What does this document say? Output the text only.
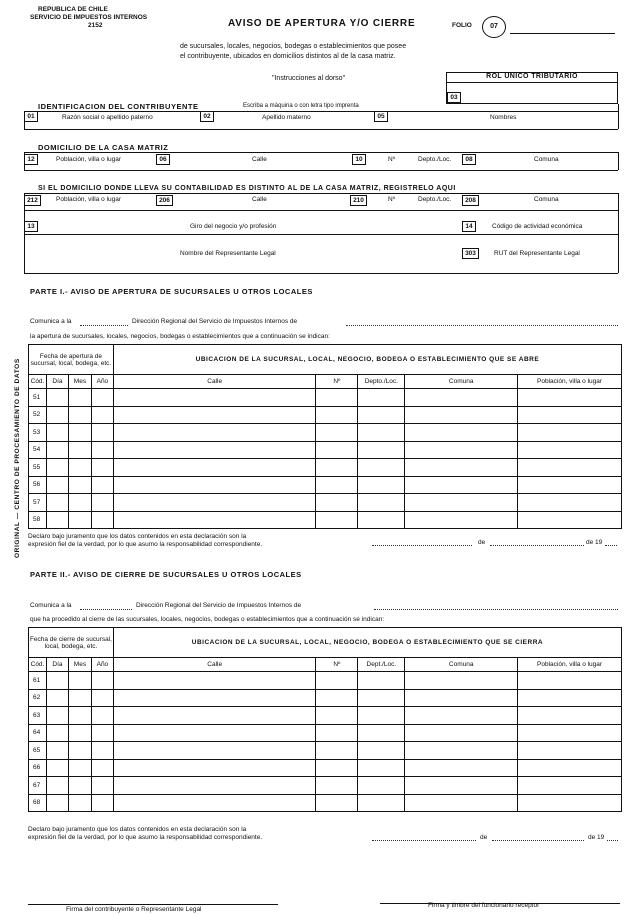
REPUBLICA DE CHILE
SERVICIO DE IMPUESTOS INTERNOS
2152	AVISO DE APERTURA Y/O CIERRE	FOLIO	07
de sucursales, locales, negocios, bodegas o establecimientos que posee
el contribuyente, ubicados en domicilios distintos al de la casa matriz.
"Instrucciones al dorso"	ROL UNICO TRIBUTARIO
03
IDENTIFICACION DEL CONTRIBUYENTE	Escriba a máquina o con letra tipo imprenta
01	Razón social o apellido paterno	02	Apellido materno	05	Nombres
DOMICILIO DE LA CASA MATRIZ
12	Población, villa o lugar	06	Calle	10	Nº	Depto./Loc.	08	Comuna
SI EL DOMICILIO DONDE LLEVA SU CONTABILIDAD ES DISTINTO AL DE LA CASA MATRIZ, REGISTRELO AQUI
212	Población, villa o lugar	206	Calle	210	Nº	Depto./Loc.	208	Comuna
13	Giro del negocio y/o profesión	14	Código de actividad económica
Nombre del Representante Legal	303	RUT del Representante Legal
ORIGINAL — CENTRO DE PROCESAMIENTO DE DATOS
PARTE I.- AVISO DE APERTURA DE SUCURSALES U OTROS LOCALES
Comunica a la	Dirección Regional del Servicio de Impuestos Internos de
la apertura de sucursales, locales, negocios, bodegas o establecimientos que a continuación se indican:
Fecha de apertura de sucursal, local, bodega, etc.				UBICACION DE LA SUCURSAL, LOCAL, NEGOCIO, BODEGA O ESTABLECIMIENTO QUE SE ABRE				
Cód.	Día	Mes	Año	Calle	Nº	Depto./Loc.	Comuna	Población, villa o lugar
51								
52								
53								
54								
55								
56								
57								
58								
Declaro bajo juramento que los datos contenidos en esta declaración son la
expresión fiel de la verdad, por lo que asumo la responsabilidad correspondiente.	de	de 19
PARTE II.- AVISO DE CIERRE DE SUCURSALES U OTROS LOCALES
Comunica a la	Dirección Regional del Servicio de Impuestos Internos de
que ha procedido al cierre de las sucursales, locales, negocios, bodegas o establecimientos que a continuación se indican:
Fecha de cierre de sucursal, local, bodega, etc.				UBICACION DE LA SUCURSAL, LOCAL, NEGOCIO, BODEGA O ESTABLECIMIENTO QUE SE CIERRA				
Cód.	Día	Mes	Año	Calle	Nº	Dept./Loc.	Comuna	Población, villa o lugar
61								
62								
63								
64								
65								
66								
67								
68								
Declaro bajo juramento que los datos contenidos en esta declaración son la
expresión fiel de la verdad, por lo que asumo la responsabilidad correspondiente.	de	de 19
Firma del contribuyente o Representante Legal
Firma y timbre del funcionario receptor
